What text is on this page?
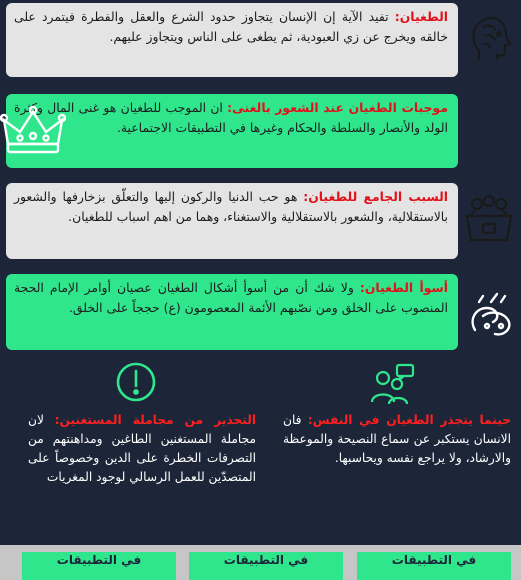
الطغيان: تفيد الآية إن الإنسان يتجاوز حدود الشرع والعقل والفطرة فيتمرد على خالقه ويخرج عن زي العبودية، ثم يطغى على الناس ويتجاوز عليهم.
موجبات الطغيان عند الشعور بالغنى: ان الموجب للطغيان هو غنى المال وكثرة الولد والأنصار والسلطة والحكام وغيرها في التطبيقات الاجتماعية.
السبب الجامع للطغيان: هو حب الدنيا والركون إليها والتعلّق بزخارفها والشعور بالاستقلالية، والشعور بالاستقلالية والاستغناء، وهما من اهم اسباب للطغيان.
أسوأ الطغيان: ولا شك أن من أسوأ أشكال الطغيان عصيان أوامر الإمام الحجة المنصوب على الخلق ومن نصّبهم الأئمة المعصومون (ع) حججاً على الخلق.
حينما يتجذر الطغيان في النفس: فان الانسان يستكبر عن سماع النصيحة والموعظة والارشاد، ولا يراجع نفسه ويحاسبها.
التحذير من مجاملة المستغنين: لان مجاملة المستغنين الطاغين ومداهنتهم من التصرفات الخطرة على الدين وخصوصاً على المتصدّين للعمل الرسالي لوجود المغريات
في التطبيقات
في التطبيقات
في التطبيقات
